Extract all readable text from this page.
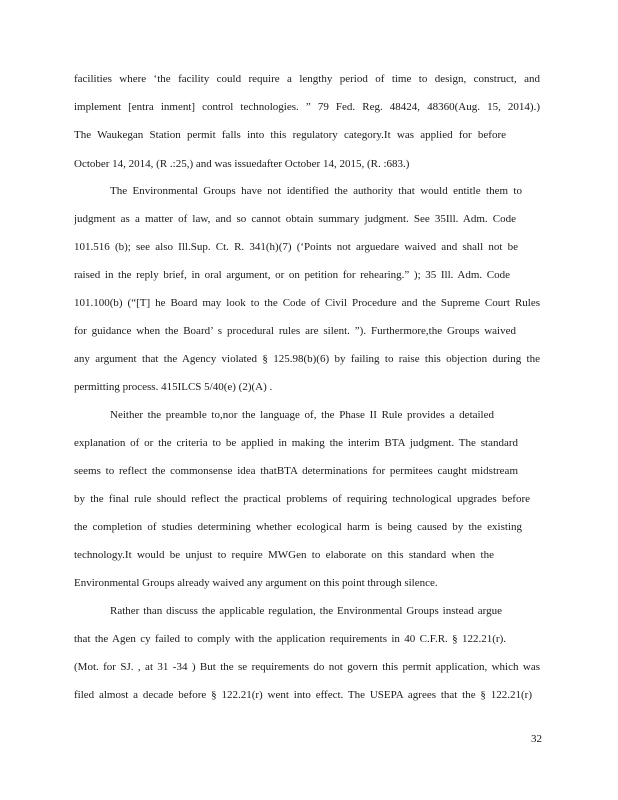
facilities where ‘the facility could require a lengthy period of time to design, construct, and
implement [entra inment] control technologies. ” 79 Fed. Reg. 48424, 48360(Aug. 15, 2014).)
The Waukegan Station permit falls into this regulatory category.It was applied for before
October 14, 2014, (R .:25,) and was issuedafter October 14, 2015, (R. :683.)
The Environmental Groups have not identified the authority that would entitle them to
judgment as a matter of law, and so cannot obtain summary judgment. See 35Ill. Adm. Code
101.516 (b); see also Ill.Sup. Ct. R. 341(h)(7) (‘Points not arguedare waived and shall not be
raised in the reply brief, in oral argument, or on petition for rehearing.” ); 35 Ill. Adm. Code
101.100(b) (“[T] he Board may look to the Code of Civil Procedure and the Supreme Court Rules
for guidance when the Board’ s procedural rules are silent. ”). Furthermore,the Groups waived
any argument that the Agency violated § 125.98(b)(6) by failing to raise this objection during the
permitting process. 415ILCS 5/40(e) (2)(A) .
Neither the preamble to,nor the language of, the Phase II Rule provides a detailed
explanation of or the criteria to be applied in making the interim BTA judgment. The standard
seems to reflect the commonsense idea thatBTA determinations for permitees caught midstream
by the final rule should reflect the practical problems of requiring technological upgrades before
the completion of studies determining whether ecological harm is being caused by the existing
technology.It would be unjust to require MWGen to elaborate on this standard when the
Environmental Groups already waived any argument on this point through silence.
Rather than discuss the applicable regulation, the Environmental Groups instead argue
that the Agen cy failed to comply with the application requirements in 40 C.F.R. § 122.21(r).
(Mot. for SJ. , at 31 -34 ) But the se requirements do not govern this permit application, which was
filed almost a decade before § 122.21(r) went into effect. The USEPA agrees that the § 122.21(r)
32
